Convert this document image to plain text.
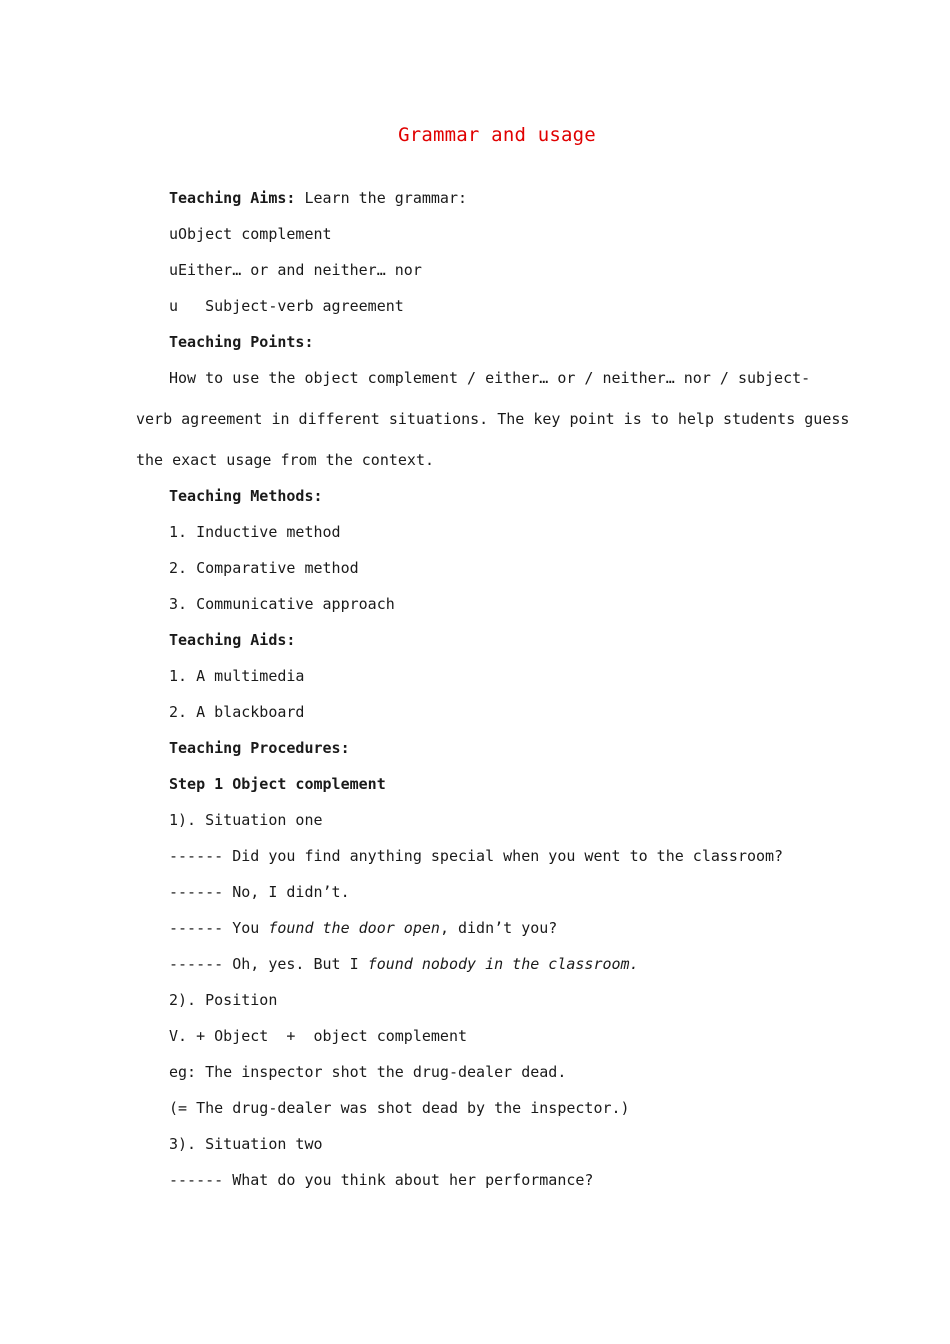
Grammar and usage

Teaching Aims: Learn the grammar:

uObject complement

uEither… or and neither… nor

u   Subject-verb agreement

Teaching Points:

How to use the object complement / either… or / neither… nor / subject-

verb agreement in different situations. The key point is to help students guess

the exact usage from the context.

Teaching Methods:

1. Inductive method

2. Comparative method

3. Communicative approach

Teaching Aids:

1. A multimedia

2. A blackboard

Teaching Procedures:

Step 1 Object complement

1). Situation one

------ Did you find anything special when you went to the classroom?

------ No, I didn’t.

------ You found the door open, didn’t you?

------ Oh, yes. But I found nobody in the classroom.

2). Position

V. + Object  +  object complement

eg: The inspector shot the drug-dealer dead.

(= The drug-dealer was shot dead by the inspector.)

3). Situation two

------ What do you think about her performance?
